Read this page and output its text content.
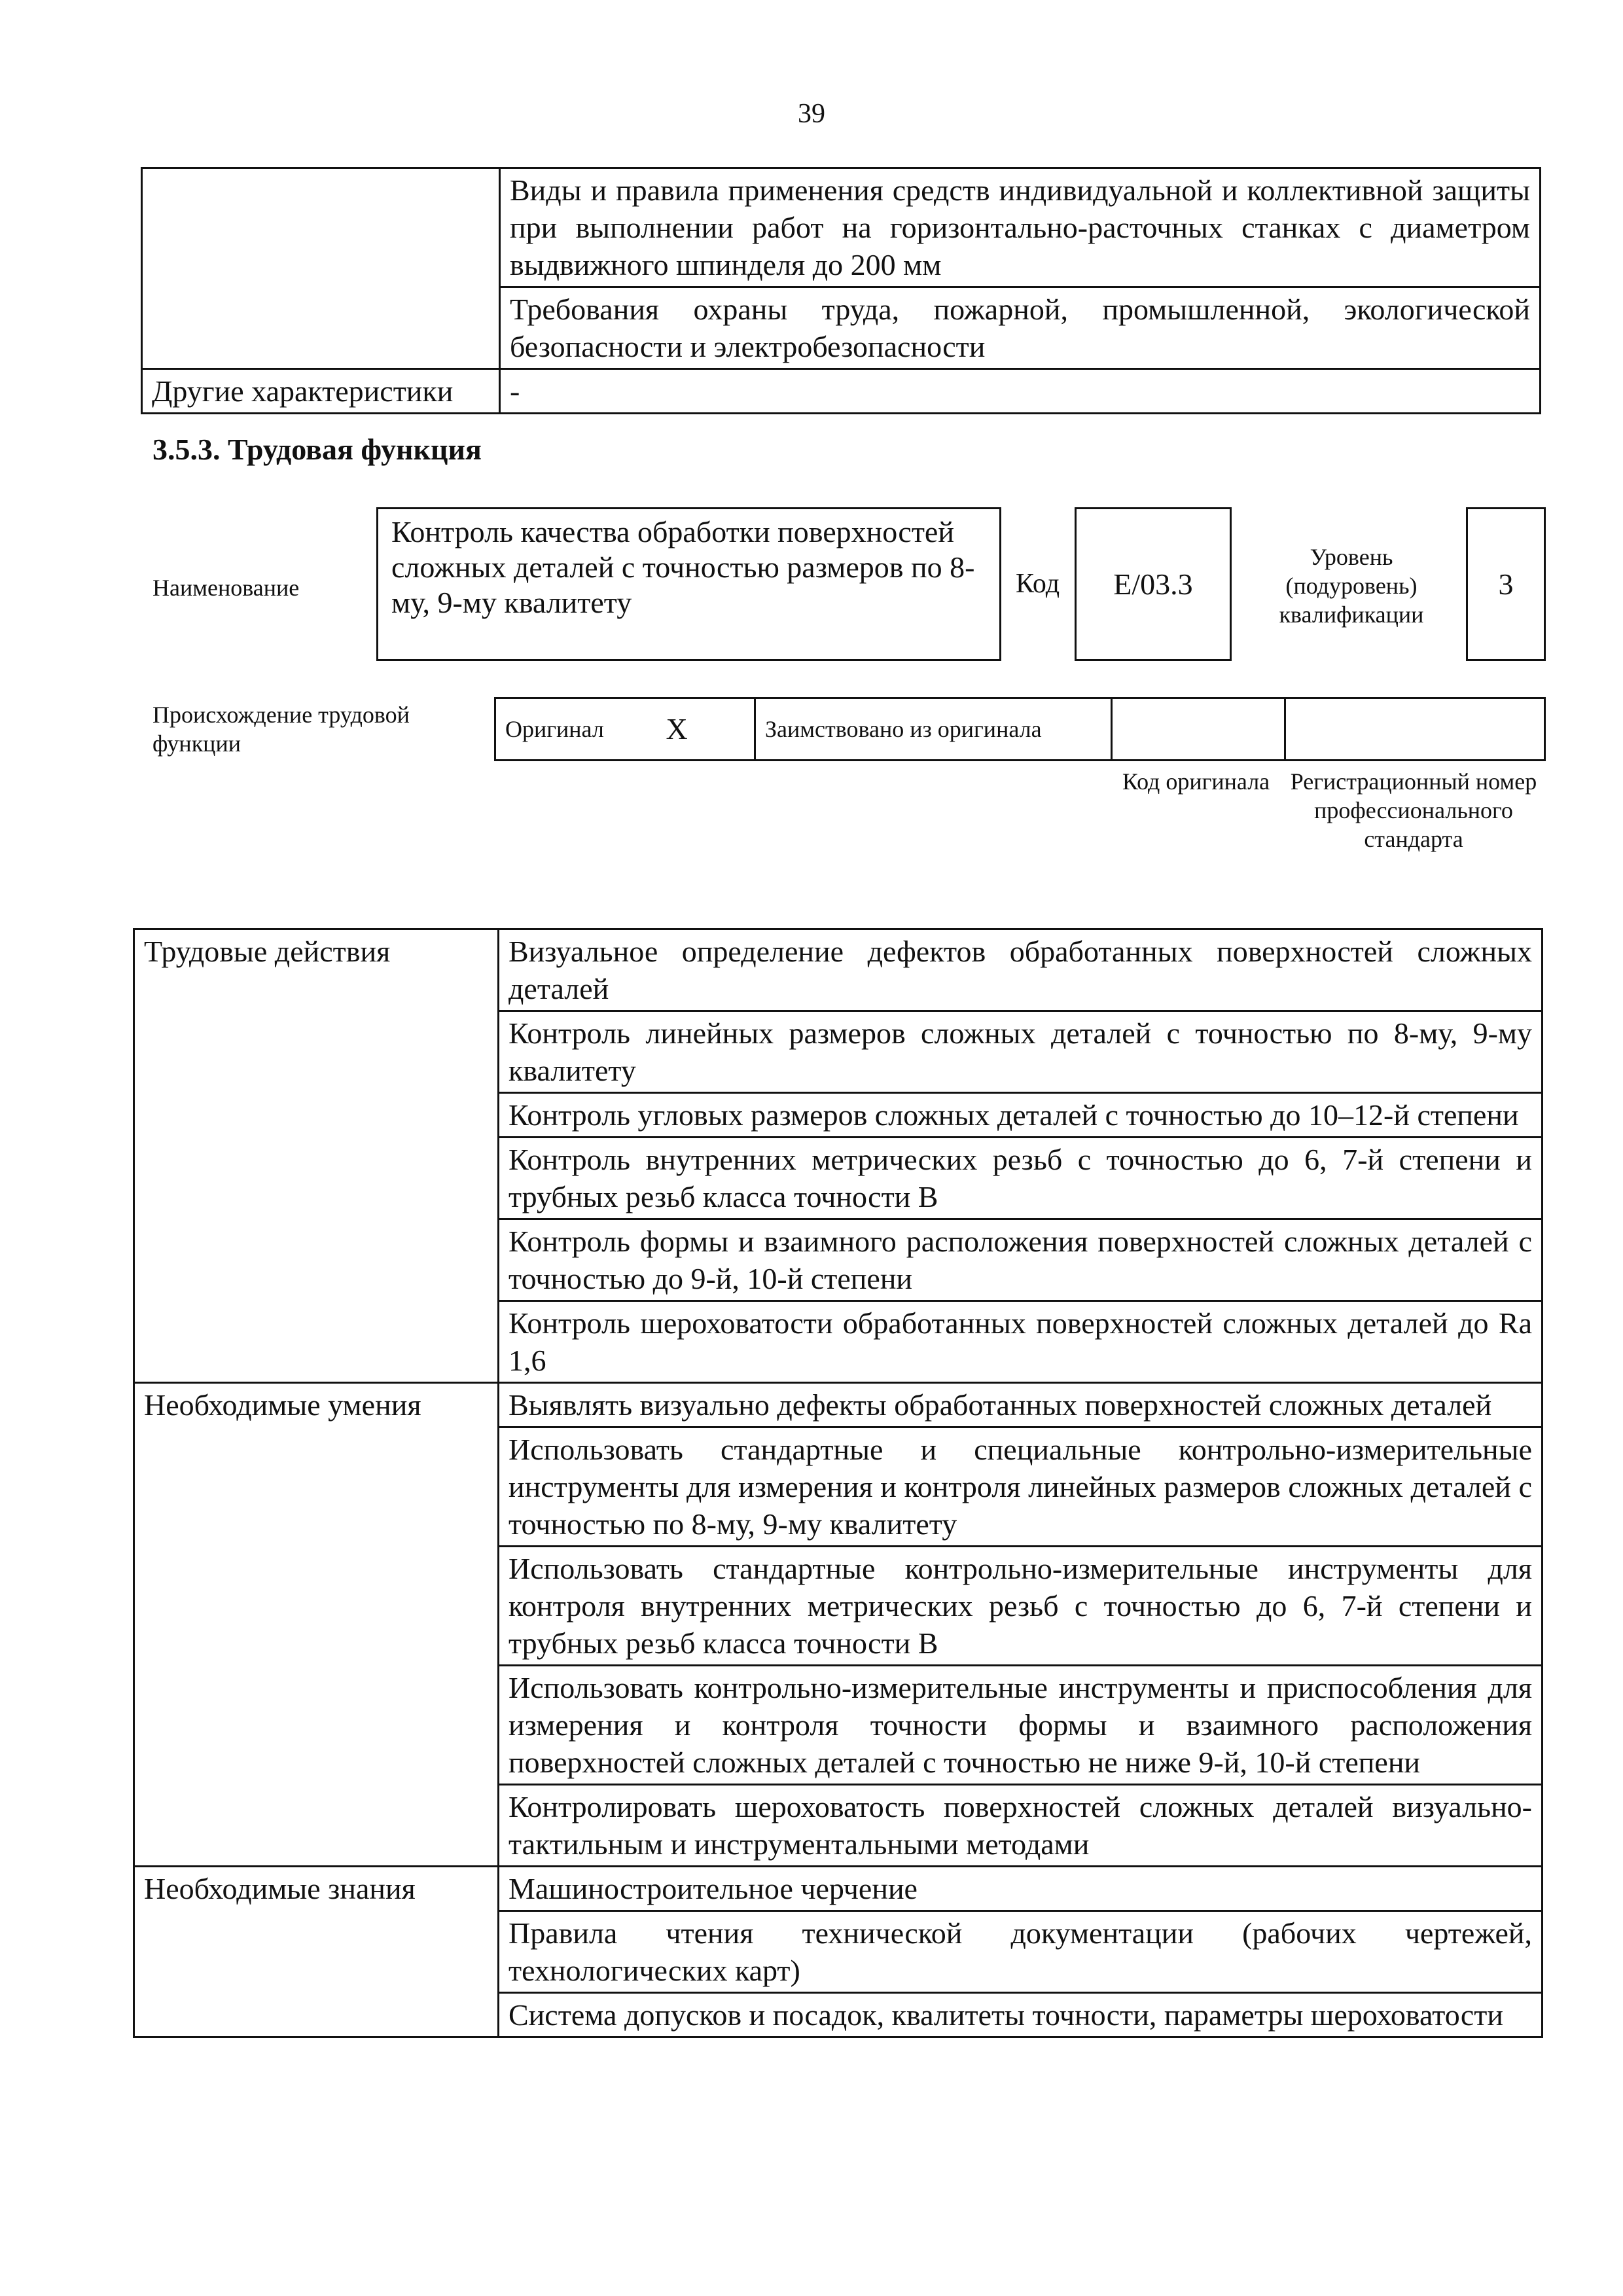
39
	Виды и правила применения средств индивидуальной и коллективной защиты при выполнении работ на горизонтально-расточных станках с диаметром выдвижного шпинделя до 200 мм
	Требования охраны труда, пожарной, промышленной, экологической безопасности и электробезопасности
Другие характеристики	-
3.5.3. Трудовая функция
Наименование
Контроль качества обработки поверхностей сложных деталей с точностью размеров по 8-му, 9-му квалитету
Код E/03.3
Уровень (подуровень) квалификации
3
Происхождение трудовой функции
Оригинал	X	Заимствовано из оригинала		
Код оригинала Регистрационный номер профессионального стандарта
Трудовые действия	Визуальное определение дефектов обработанных поверхностей сложных деталей
	Контроль линейных размеров сложных деталей с точностью по 8-му, 9-му квалитету
	Контроль угловых размеров сложных деталей с точностью до 10–12-й степени
	Контроль внутренних метрических резьб с точностью до 6, 7-й степени и трубных резьб класса точности B
	Контроль формы и взаимного расположения поверхностей сложных деталей с точностью до 9-й, 10-й степени
	Контроль шероховатости обработанных поверхностей сложных деталей до Ra 1,6
Необходимые умения	Выявлять визуально дефекты обработанных поверхностей сложных деталей
	Использовать стандартные и специальные контрольно-измерительные инструменты для измерения и контроля линейных размеров сложных деталей с точностью по 8-му, 9-му квалитету
	Использовать стандартные контрольно-измерительные инструменты для контроля внутренних метрических резьб с точностью до 6, 7-й степени и трубных резьб класса точности B
	Использовать контрольно-измерительные инструменты и приспособления для измерения и контроля точности формы и взаимного расположения поверхностей сложных деталей с точностью не ниже 9-й, 10-й степени
	Контролировать шероховатость поверхностей сложных деталей визуально-тактильным и инструментальными методами
Необходимые знания	Машиностроительное черчение
	Правила чтения технической документации (рабочих чертежей, технологических карт)
	Система допусков и посадок, квалитеты точности, параметры шероховатости
